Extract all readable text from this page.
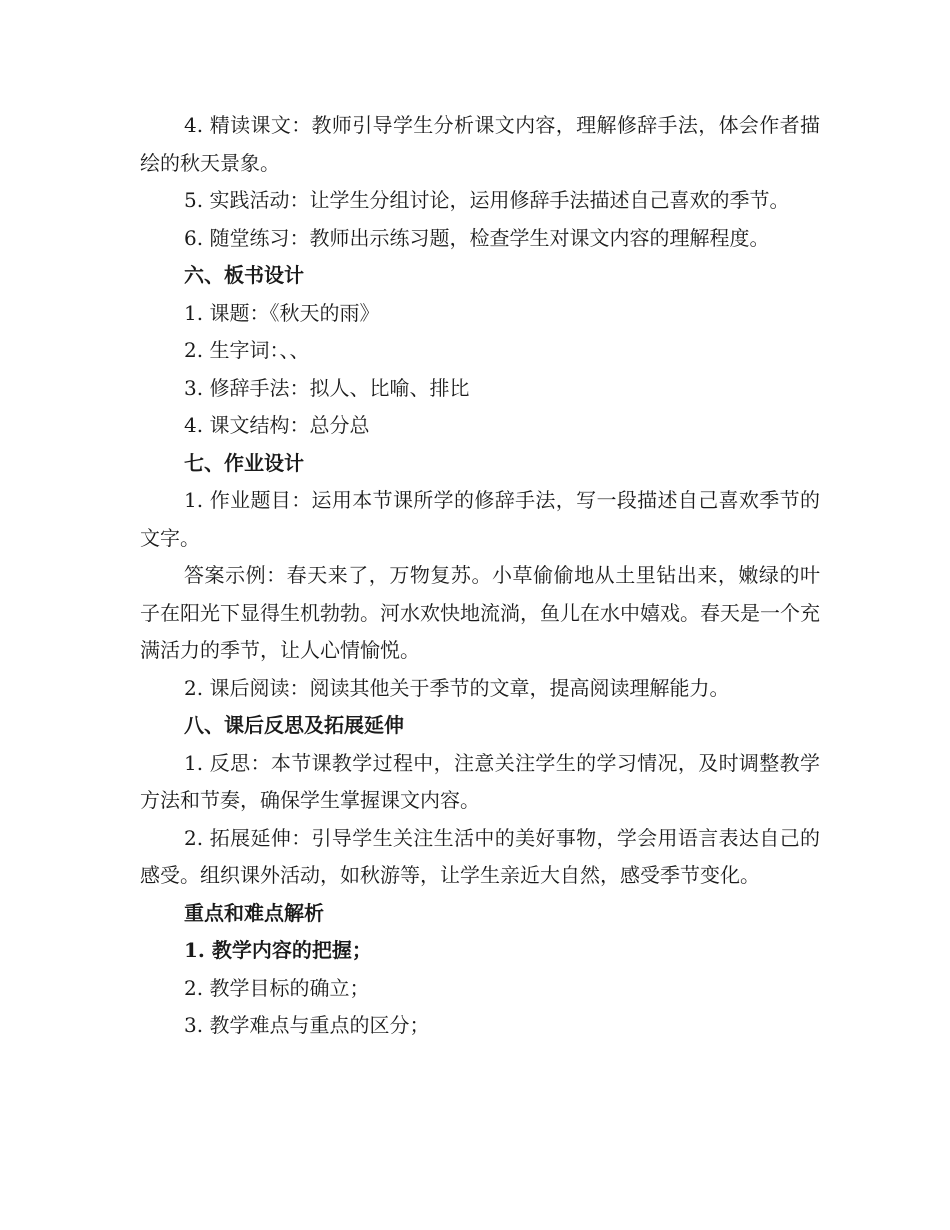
4. 精读课文：教师引导学生分析课文内容，理解修辞手法，体会作者描绘的秋天景象。

5. 实践活动：让学生分组讨论，运用修辞手法描述自己喜欢的季节。

6. 随堂练习：教师出示练习题，检查学生对课文内容的理解程度。

六、板书设计

1. 课题：《秋天的雨》

2. 生字词：、、

3. 修辞手法：拟人、比喻、排比

4. 课文结构：总分总

七、作业设计

1. 作业题目：运用本节课所学的修辞手法，写一段描述自己喜欢季节的文字。

答案示例：春天来了，万物复苏。小草偷偷地从土里钻出来，嫩绿的叶子在阳光下显得生机勃勃。河水欢快地流淌，鱼儿在水中嬉戏。春天是一个充满活力的季节，让人心情愉悦。

2. 课后阅读：阅读其他关于季节的文章，提高阅读理解能力。

八、课后反思及拓展延伸

1. 反思：本节课教学过程中，注意关注学生的学习情况，及时调整教学方法和节奏，确保学生掌握课文内容。

2. 拓展延伸：引导学生关注生活中的美好事物，学会用语言表达自己的感受。组织课外活动，如秋游等，让学生亲近大自然，感受季节变化。

重点和难点解析

1. 教学内容的把握；

2. 教学目标的确立；

3. 教学难点与重点的区分；
